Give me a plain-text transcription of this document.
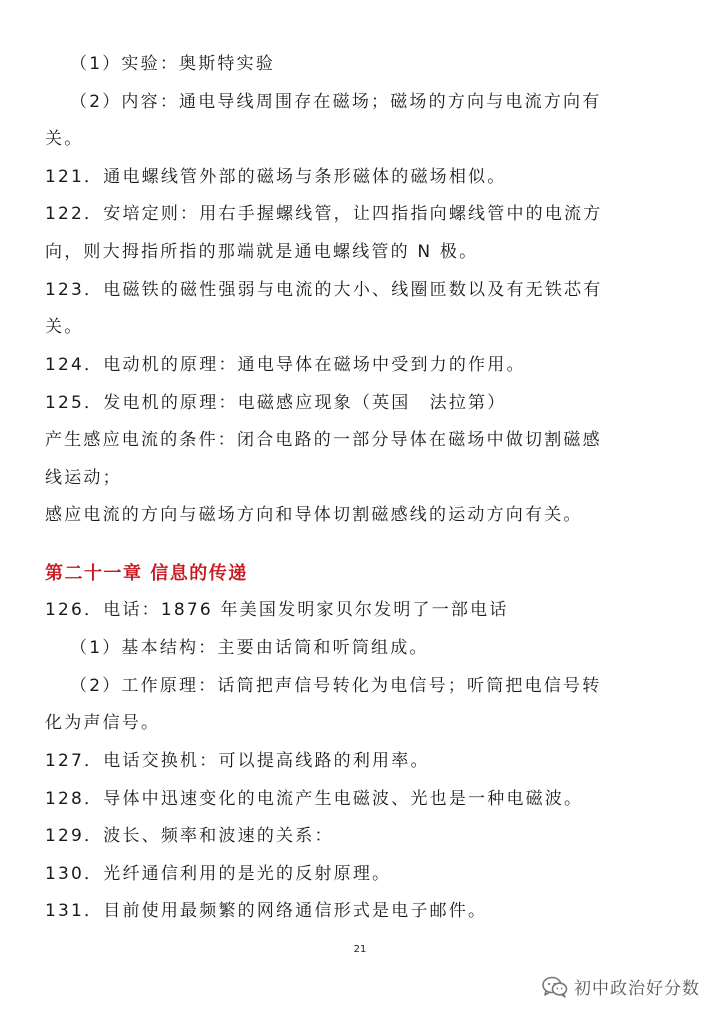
（1）实验：奥斯特实验
（2）内容：通电导线周围存在磁场；磁场的方向与电流方向有
关。
121．通电螺线管外部的磁场与条形磁体的磁场相似。
122．安培定则：用右手握螺线管，让四指指向螺线管中的电流方
向，则大拇指所指的那端就是通电螺线管的 N 极。
123．电磁铁的磁性强弱与电流的大小、线圈匝数以及有无铁芯有
关。
124．电动机的原理：通电导体在磁场中受到力的作用。
125．发电机的原理：电磁感应现象（英国　法拉第）
产生感应电流的条件：闭合电路的一部分导体在磁场中做切割磁感
线运动；
感应电流的方向与磁场方向和导体切割磁感线的运动方向有关。
第二十一章 信息的传递
126．电话：1876 年美国发明家贝尔发明了一部电话
（1）基本结构：主要由话筒和听筒组成。
（2）工作原理：话筒把声信号转化为电信号；听筒把电信号转
化为声信号。
127．电话交换机：可以提高线路的利用率。
128．导体中迅速变化的电流产生电磁波、光也是一种电磁波。
129．波长、频率和波速的关系：
130．光纤通信利用的是光的反射原理。
131．目前使用最频繁的网络通信形式是电子邮件。
21
初中政治好分数
